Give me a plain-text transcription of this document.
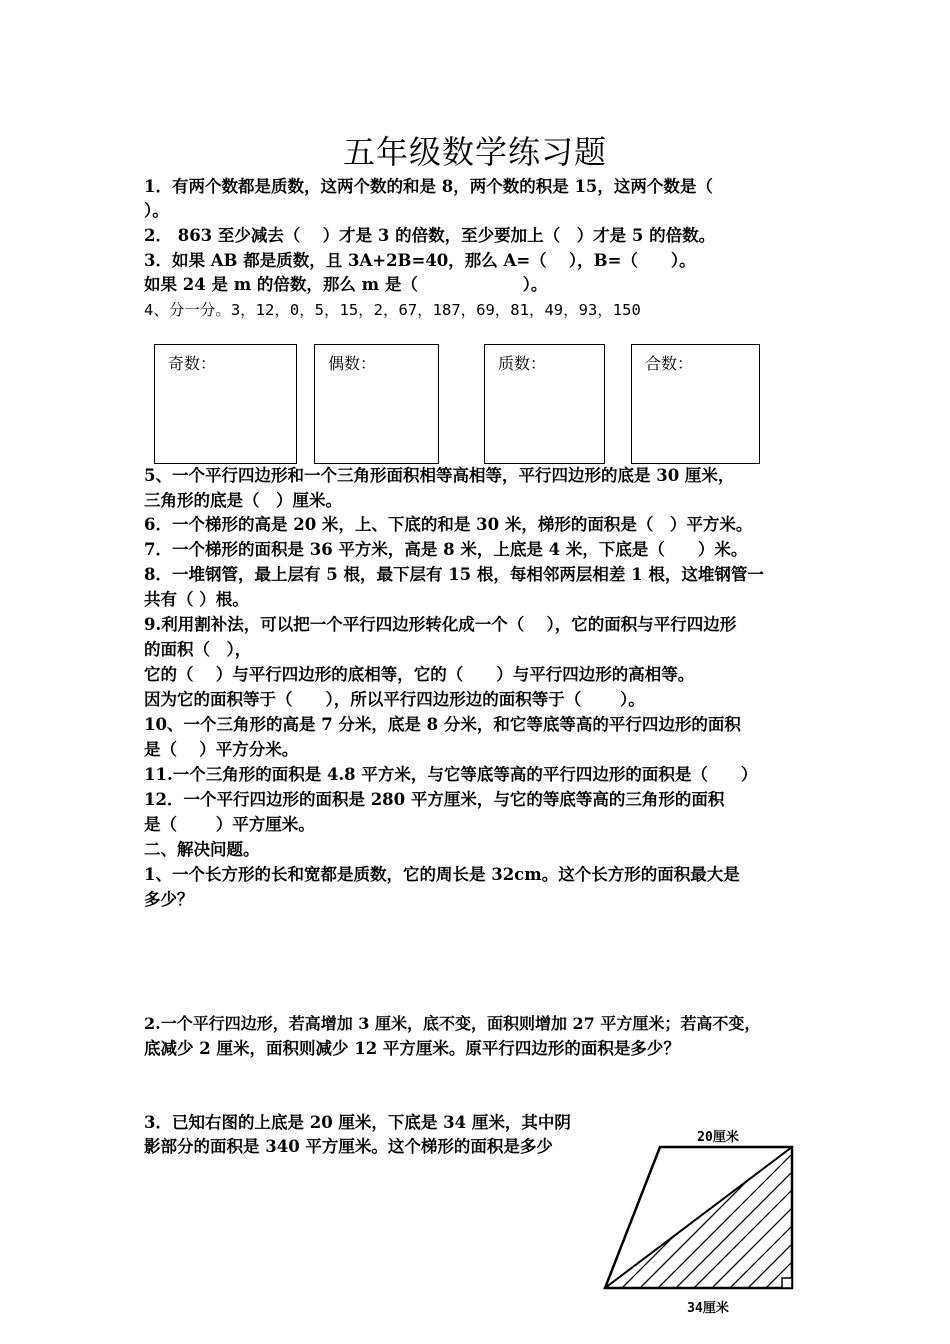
五年级数学练习题
1．有两个数都是质数，这两个数的和是 8，两个数的积是 15，这两个数是（
）。
2． 863 至少减去（　 ）才是 3 的倍数，至少要加上（　）才是 5 的倍数。
3．如果 AB 都是质数，且 3A+2B=40，那么 A=（　 ），B=（　　）。
如果 24 是 m 的倍数，那么 m 是（　　　　　　 ）。
4、分一分。3，12，0，5，15，2，67，187，69，81，49，93，150
奇数：	偶数：	质数：	合数：
5、一个平行四边形和一个三角形面积相等高相等，平行四边形的底是 30 厘米，
三角形的底是（　）厘米。
6．一个梯形的高是 20 米，上、下底的和是 30 米，梯形的面积是（　）平方米。
7．一个梯形的面积是 36 平方米，高是 8 米，上底是 4 米，下底是（　　）米。
8．一堆钢管，最上层有 5 根，最下层有 15 根，每相邻两层相差 1 根，这堆钢管一
共有（ ）根。
9.利用割补法，可以把一个平行四边形转化成一个（　 ），它的面积与平行四边形
的面积（　），
它的（　 ）与平行四边形的底相等，它的（　　）与平行四边形的高相等。
因为它的面积等于（　　），所以平行四边形边的面积等于（　　 ）。
10、一个三角形的高是 7 分米，底是 8 分米，和它等底等高的平行四边形的面积
是（　 ）平方分米。
11.一个三角形的面积是 4.8 平方米，与它等底等高的平行四边形的面积是（　　）
12．一个平行四边形的面积是 280 平方厘米，与它的等底等高的三角形的面积
是（　　 ）平方厘米。
二、解决问题。
1、一个长方形的长和宽都是质数，它的周长是 32cm。这个长方形的面积最大是
多少？
2.一个平行四边形，若高增加 3 厘米，底不变，面积则增加 27 平方厘米；若高不变，
底减少 2 厘米，面积则减少 12 平方厘米。原平行四边形的面积是多少？
3．已知右图的上底是 20 厘米，下底是 34 厘米，其中阴
影部分的面积是 340 平方厘米。这个梯形的面积是多少	20厘米
34厘米
